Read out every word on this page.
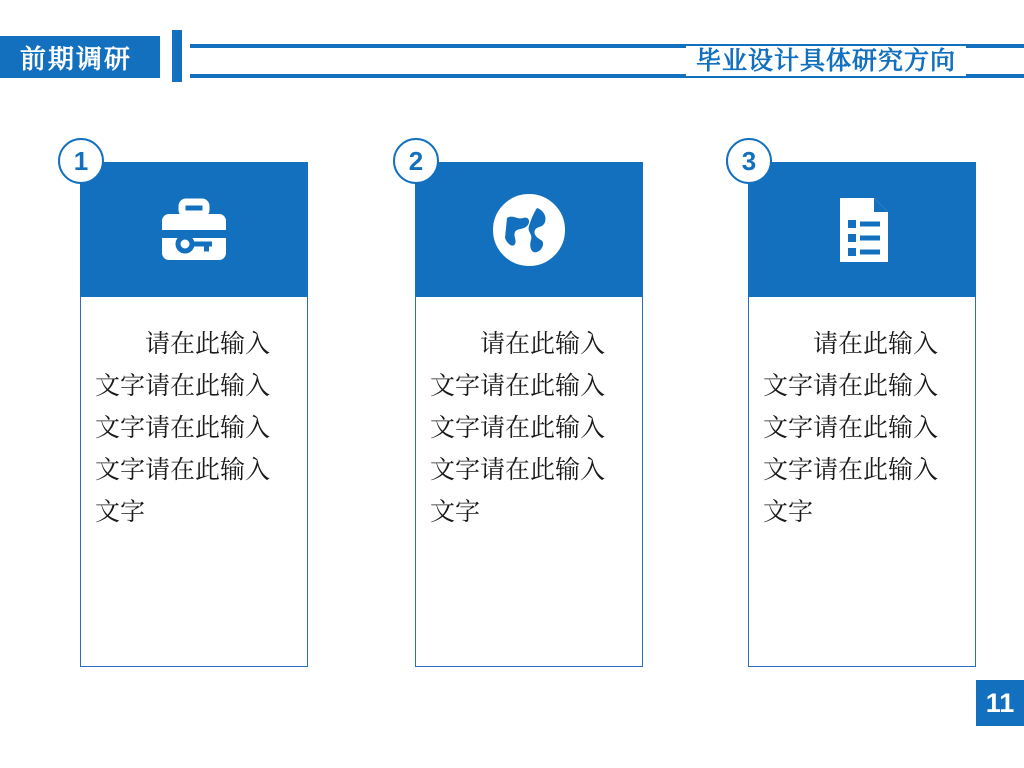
前期调研	毕业设计具体研究方向
1
请在此输入文字请在此输入文字请在此输入文字请在此输入文字
2
请在此输入文字请在此输入文字请在此输入文字请在此输入文字
3
请在此输入文字请在此输入文字请在此输入文字请在此输入文字
11
